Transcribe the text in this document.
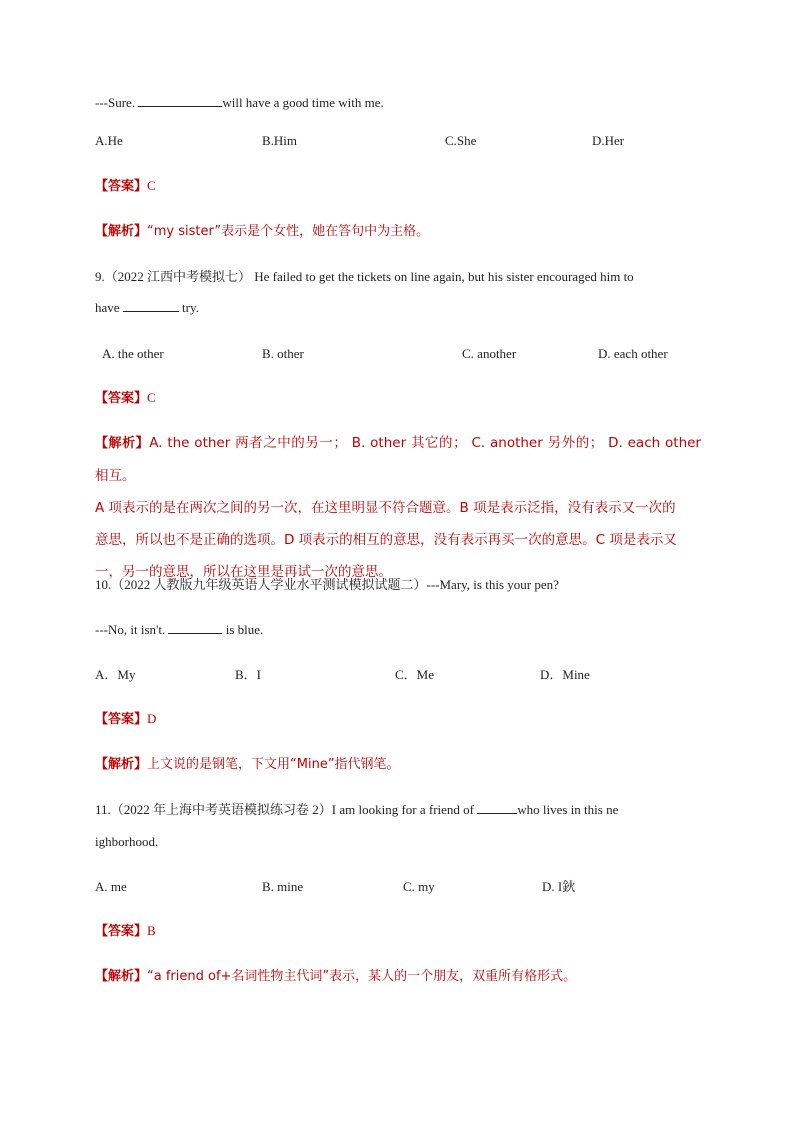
---Sure.	will have a good time with me.
A.He	B.Him	C.She	D.Her
【答案】C
【解析】“my sister”表示是个女性，她在答句中为主格。
9.（2022 江西中考模拟七） He failed to get the tickets on line again, but his sister encouraged him to
have	try.
A. the other	B. other	C. another	D. each other
【答案】C
【解析】A. the other 两者之中的另一； B. other 其它的； C. another 另外的； D. each other 相互。
A 项表示的是在两次之间的另一次，在这里明显不符合题意。B 项是表示泛指，没有表示又一次的
意思，所以也不是正确的选项。D 项表示的相互的意思，没有表示再买一次的意思。C 项是表示又
一，另一的意思，所以在这里是再试一次的意思。
10.（2022 人教版九年级英语人学业水平测试模拟试题二）---Mary, is this your pen?
---No, it isn't.	is blue.
A．My	B．I	C．Me	D．Mine
【答案】D
【解析】上文说的是钢笔，下文用“Mine”指代钢笔。
11.（2022 年上海中考英语模拟练习卷 2）I am looking for a friend of	who lives in this ne
ighborhood.
A. me	B. mine	C. my	D. I鈥
【答案】B
【解析】“a friend of+名词性物主代词”表示，某人的一个朋友，双重所有格形式。
